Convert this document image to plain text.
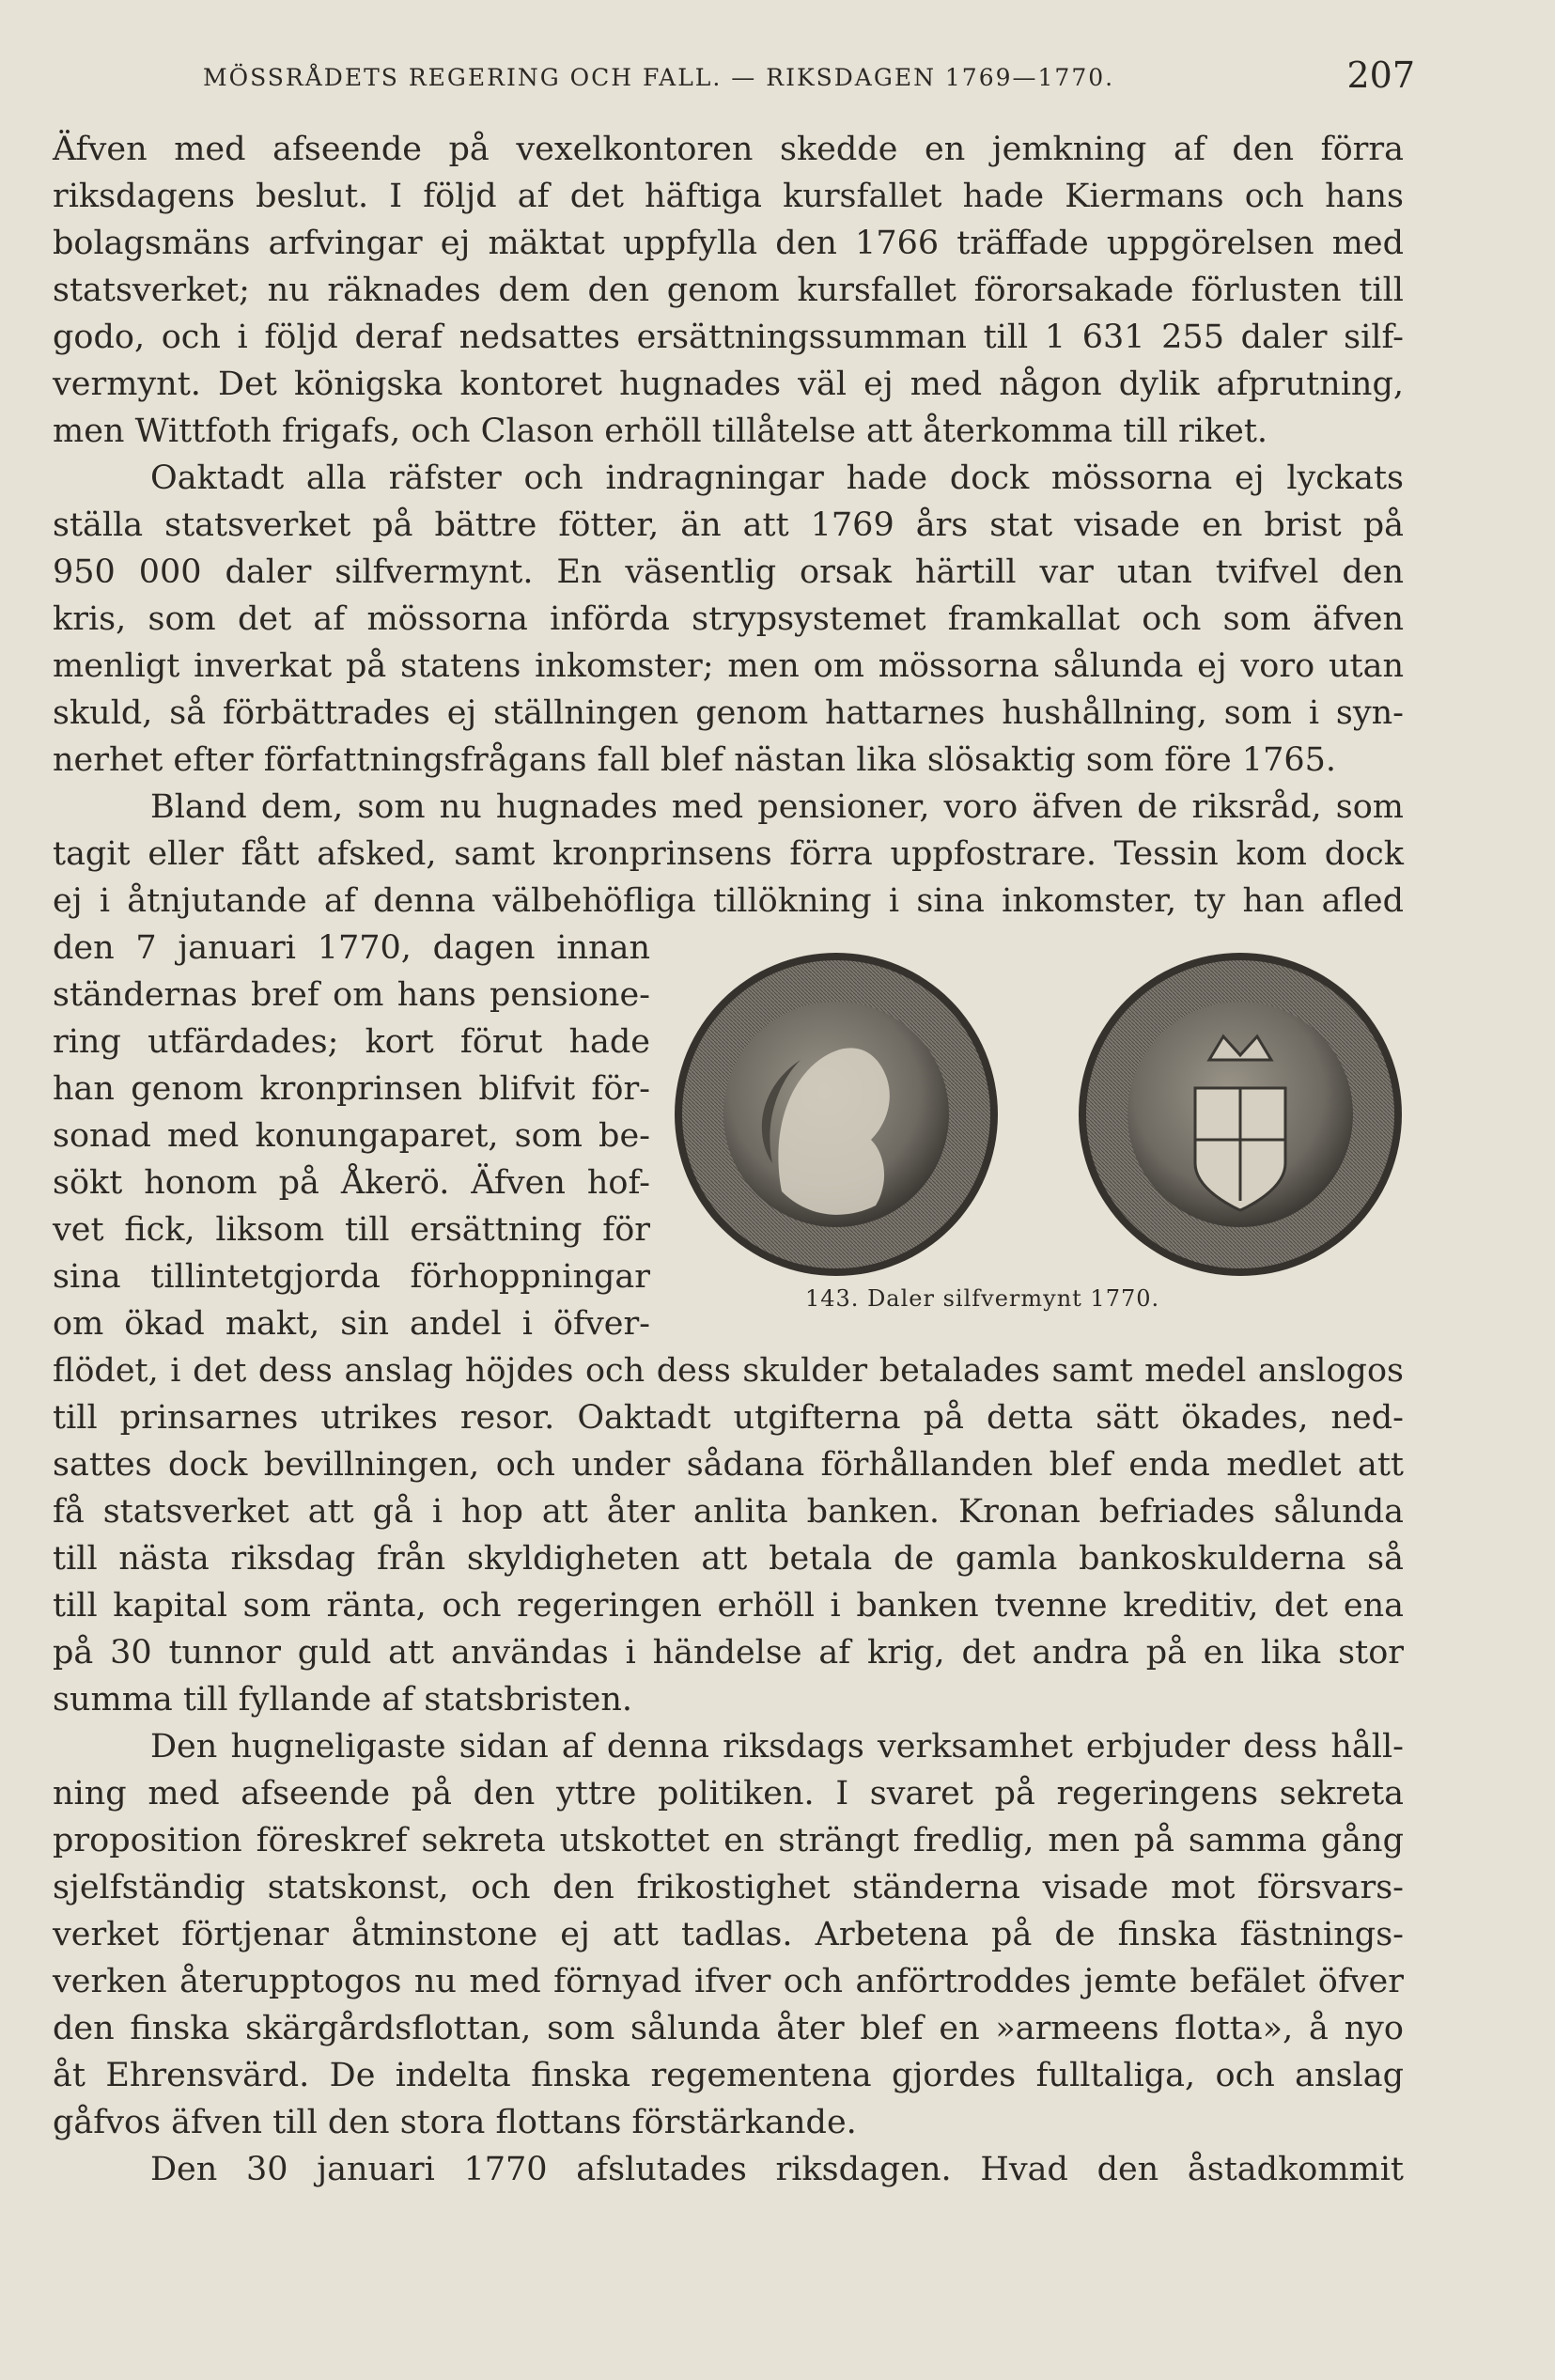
MÖSSRÅDETS REGERING OCH FALL. — RIKSDAGEN 1769—1770.	207
Äfven med afseende på vexelkontoren skedde en jemkning af den förra
riksdagens beslut. I följd af det häftiga kursfallet hade Kiermans och hans
bolagsmäns arfvingar ej mäktat uppfylla den 1766 träffade uppgörelsen med
statsverket; nu räknades dem den genom kursfallet förorsakade förlusten till
godo, och i följd deraf nedsattes ersättningssumman till 1 631 255 daler silf-
vermynt. Det königska kontoret hugnades väl ej med någon dylik afprutning,
men Wittfoth frigafs, och Clason erhöll tillåtelse att återkomma till riket.
Oaktadt alla räfster och indragningar hade dock mössorna ej lyckats
ställa statsverket på bättre fötter, än att 1769 års stat visade en brist på
950 000 daler silfvermynt. En väsentlig orsak härtill var utan tvifvel den
kris, som det af mössorna införda strypsystemet framkallat och som äfven
menligt inverkat på statens inkomster; men om mössorna sålunda ej voro utan
skuld, så förbättrades ej ställningen genom hattarnes hushållning, som i syn-
nerhet efter författningsfrågans fall blef nästan lika slösaktig som före 1765.
Bland dem, som nu hugnades med pensioner, voro äfven de riksråd, som
tagit eller fått afsked, samt kronprinsens förra uppfostrare. Tessin kom dock
ej i åtnjutande af denna välbehöfliga tillökning i sina inkomster, ty han afled
den 7 januari 1770, dagen innan
ständernas bref om hans pensione-
ring utfärdades; kort förut hade
han genom kronprinsen blifvit för-
sonad med konungaparet, som be-
sökt honom på Åkerö. Äfven hof-
vet fick, liksom till ersättning för
sina tillintetgjorda förhoppningar
om ökad makt, sin andel i öfver-
flödet, i det dess anslag höjdes och dess skulder betalades samt medel anslogos
till prinsarnes utrikes resor. Oaktadt utgifterna på detta sätt ökades, ned-
sattes dock bevillningen, och under sådana förhållanden blef enda medlet att
få statsverket att gå i hop att åter anlita banken. Kronan befriades sålunda
till nästa riksdag från skyldigheten att betala de gamla bankoskulderna så
till kapital som ränta, och regeringen erhöll i banken tvenne kreditiv, det ena
på 30 tunnor guld att användas i händelse af krig, det andra på en lika stor
summa till fyllande af statsbristen.
Den hugneligaste sidan af denna riksdags verksamhet erbjuder dess håll-
ning med afseende på den yttre politiken. I svaret på regeringens sekreta
proposition föreskref sekreta utskottet en strängt fredlig, men på samma gång
sjelfständig statskonst, och den frikostighet ständerna visade mot försvars-
verket förtjenar åtminstone ej att tadlas. Arbetena på de finska fästnings-
verken återupptogos nu med förnyad ifver och anförtroddes jemte befälet öfver
den finska skärgårdsflottan, som sålunda åter blef en »armeens flotta», å nyo
åt Ehrensvärd. De indelta finska regementena gjordes fulltaliga, och anslag
gåfvos äfven till den stora flottans förstärkande.
Den 30 januari 1770 afslutades riksdagen. Hvad den åstadkommit
143. Daler silfvermynt 1770.
